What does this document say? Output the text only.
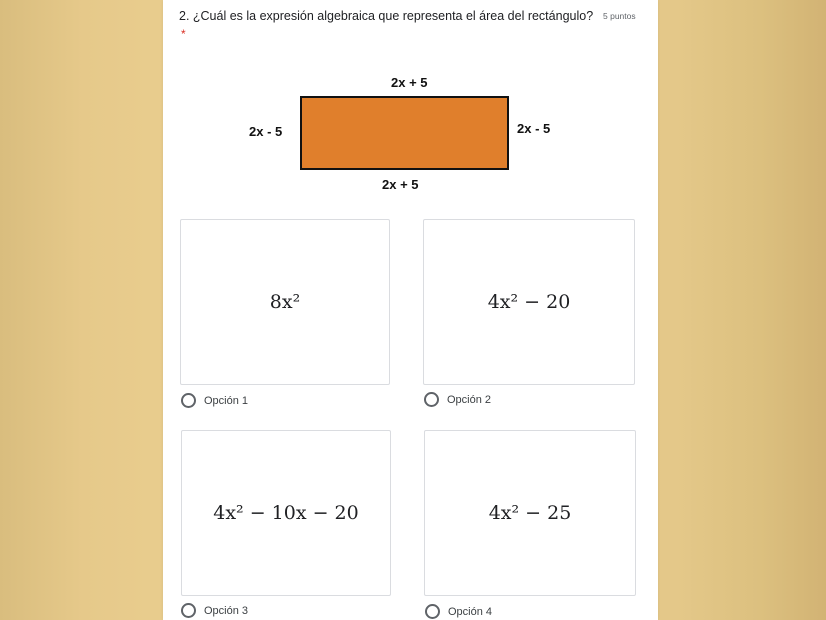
2. ¿Cuál es la expresión algebraica que representa el área del rectángulo? 5 puntos
*
2x + 5
2x - 5	2x - 5
2x + 5
8x²
Opción 1
4x² − 20
Opción 2
4x² − 10x − 20
Opción 3
4x² − 25
Opción 4
